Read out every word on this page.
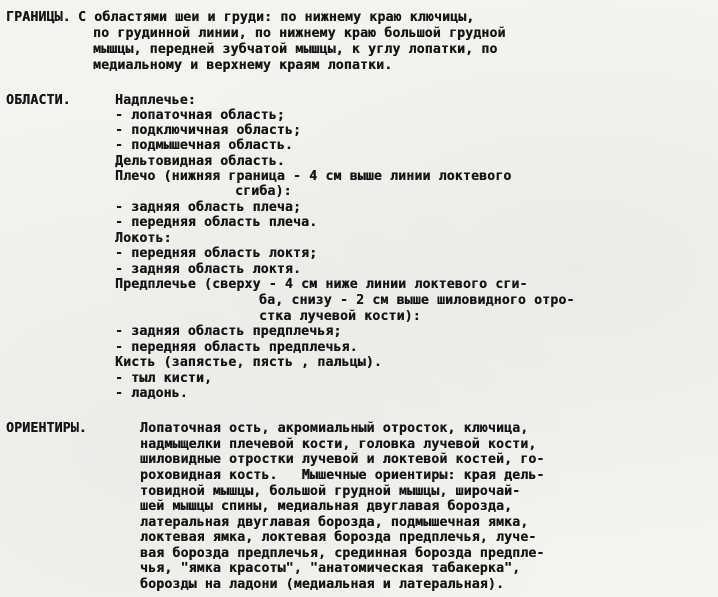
ГРАНИЦЫ. С областями шеи и груди: по нижнему краю ключицы,
по грудинной линии, по нижнему краю большой грудной
мышцы, передней зубчатой мышцы, к углу лопатки, по
медиальному и верхнему краям лопатки.
ОБЛАСТИ.	Надплечье:
- лопаточная область;
- подключичная область;
- подмышечная область.
Дельтовидная область.
Плечо (нижняя граница - 4 см выше линии локтевого
сгиба):
- задняя область плеча;
- передняя область плеча.
Локоть:
- передняя область локтя;
- задняя область локтя.
Предплечье (сверху - 4 см ниже линии локтевого сги-
ба, снизу - 2 см выше шиловидного отро-
стка лучевой кости):
- задняя область предплечья;
- передняя область предплечья.
Кисть (запястье, пясть , пальцы).
- тыл кисти,
- ладонь.
ОРИЕНТИРЫ.	Лопаточная ость, акромиальный отросток, ключица,
надмыщелки плечевой кости, головка лучевой кости,
шиловидные отростки лучевой и локтевой костей, го-
роховидная кость.   Мышечные ориентиры: края дель-
товидной мышцы, большой грудной мышцы, широчай-
шей мышцы спины, медиальная двуглавая борозда,
латеральная двуглавая борозда, подмышечная ямка,
локтевая ямка, локтевая борозда предплечья, луче-
вая борозда предплечья, срединная борозда предпле-
чья, "ямка красоты", "анатомическая табакерка",
борозды на ладони (медиальная и латеральная).
